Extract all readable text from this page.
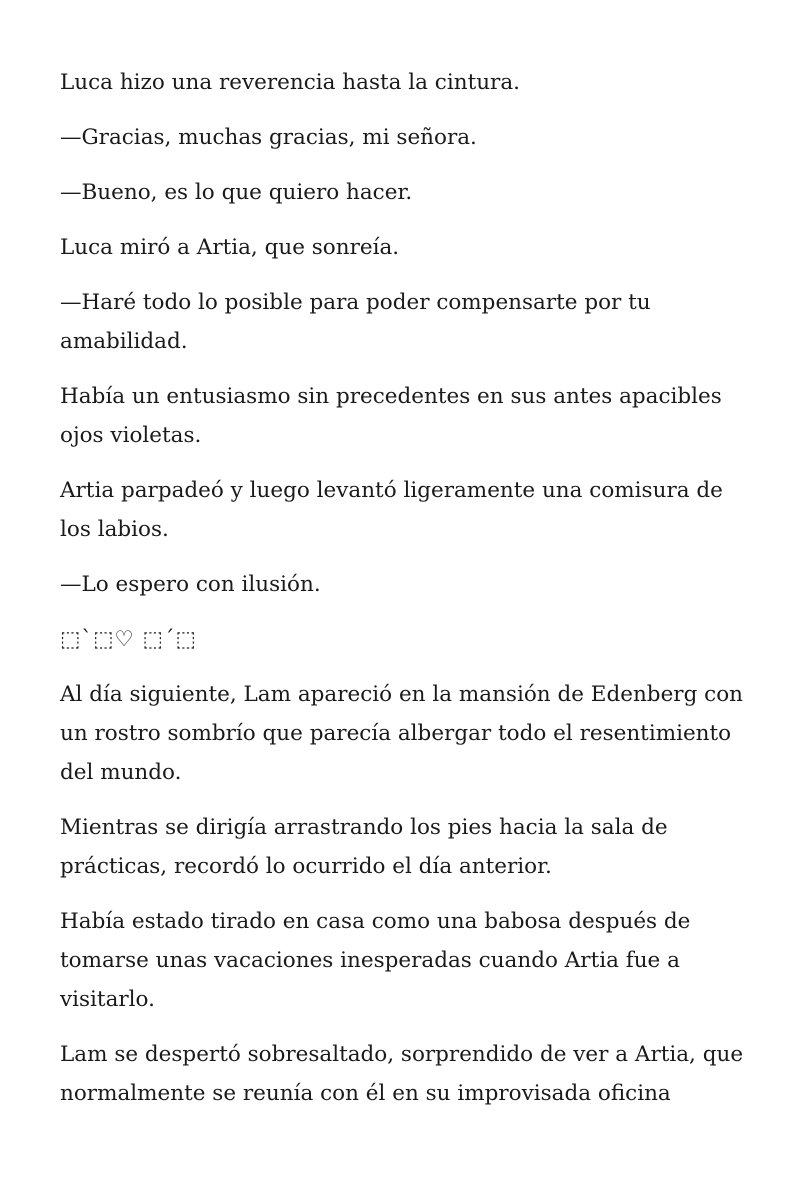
Luca hizo una reverencia hasta la cintura.

—Gracias, muchas gracias, mi señora.

—Bueno, es lo que quiero hacer.

Luca miró a Artia, que sonreía.

—Haré todo lo posible para poder compensarte por tu amabilidad.

Había un entusiasmo sin precedentes en sus antes apacibles ojos violetas.

Artia parpadeó y luego levantó ligeramente una comisura de los labios.

—Lo espero con ilusión.

⬚`⬚♡ ⬚´⬚

Al día siguiente, Lam apareció en la mansión de Edenberg con un rostro sombrío que parecía albergar todo el resentimiento del mundo.

Mientras se dirigía arrastrando los pies hacia la sala de prácticas, recordó lo ocurrido el día anterior.

Había estado tirado en casa como una babosa después de tomarse unas vacaciones inesperadas cuando Artia fue a visitarlo.

Lam se despertó sobresaltado, sorprendido de ver a Artia, que normalmente se reunía con él en su improvisada oficina
